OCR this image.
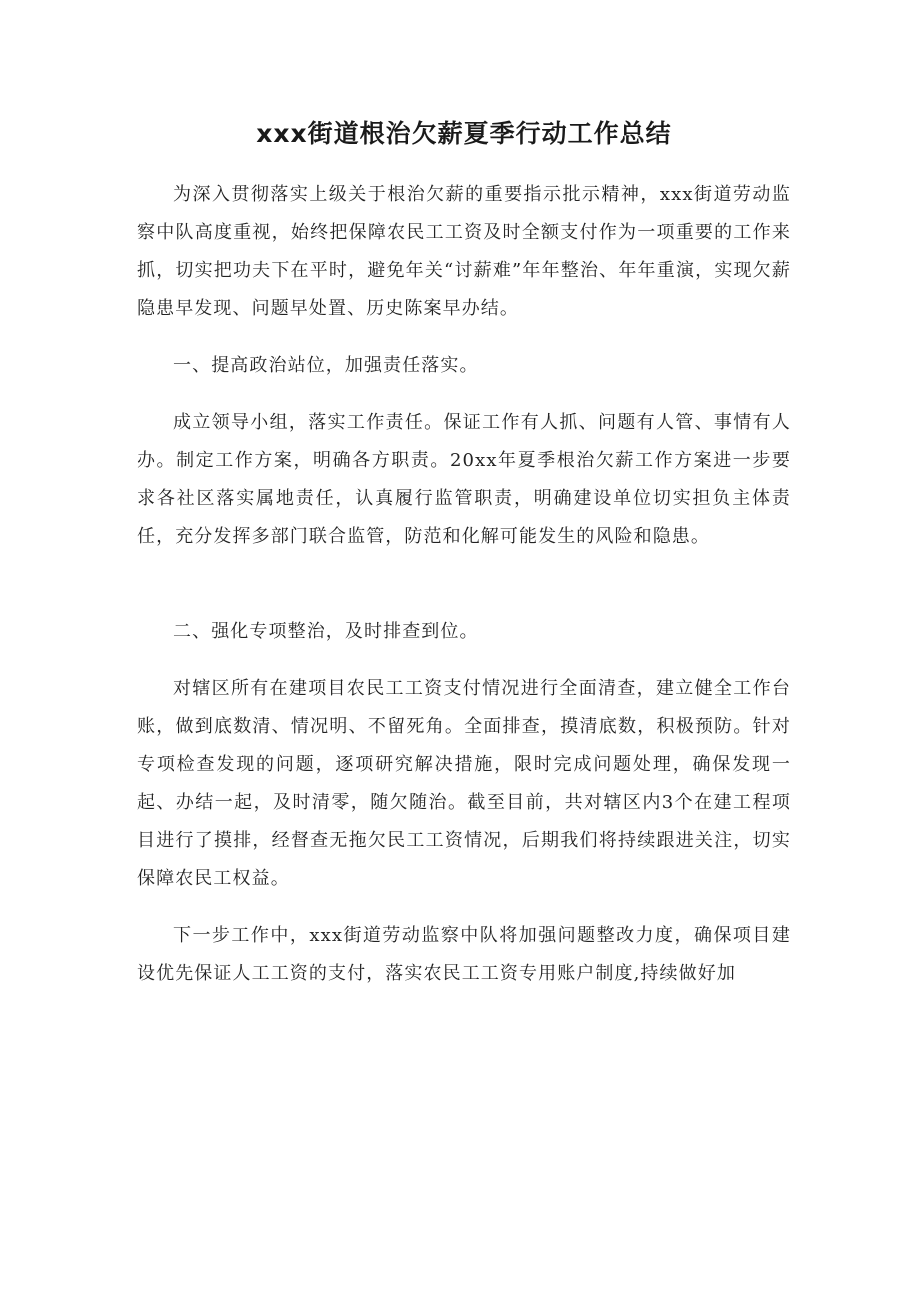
xxx街道根治欠薪夏季行动工作总结

为深入贯彻落实上级关于根治欠薪的重要指示批示精神，xxx街道劳动监察中队高度重视，始终把保障农民工工资及时全额支付作为一项重要的工作来抓，切实把功夫下在平时，避免年关“讨薪难”年年整治、年年重演，实现欠薪隐患早发现、问题早处置、历史陈案早办结。

一、提高政治站位，加强责任落实。

成立领导小组，落实工作责任。保证工作有人抓、问题有人管、事情有人办。制定工作方案，明确各方职责。20xx年夏季根治欠薪工作方案进一步要求各社区落实属地责任，认真履行监管职责，明确建设单位切实担负主体责任，充分发挥多部门联合监管，防范和化解可能发生的风险和隐患。

二、强化专项整治，及时排查到位。

对辖区所有在建项目农民工工资支付情况进行全面清查，建立健全工作台账，做到底数清、情况明、不留死角。全面排查，摸清底数，积极预防。针对专项检查发现的问题，逐项研究解决措施，限时完成问题处理，确保发现一起、办结一起，及时清零，随欠随治。截至目前，共对辖区内3个在建工程项目进行了摸排，经督查无拖欠民工工资情况，后期我们将持续跟进关注，切实保障农民工权益。

下一步工作中，xxx街道劳动监察中队将加强问题整改力度，确保项目建设优先保证人工工资的支付，落实农民工工资专用账户制度,持续做好加
